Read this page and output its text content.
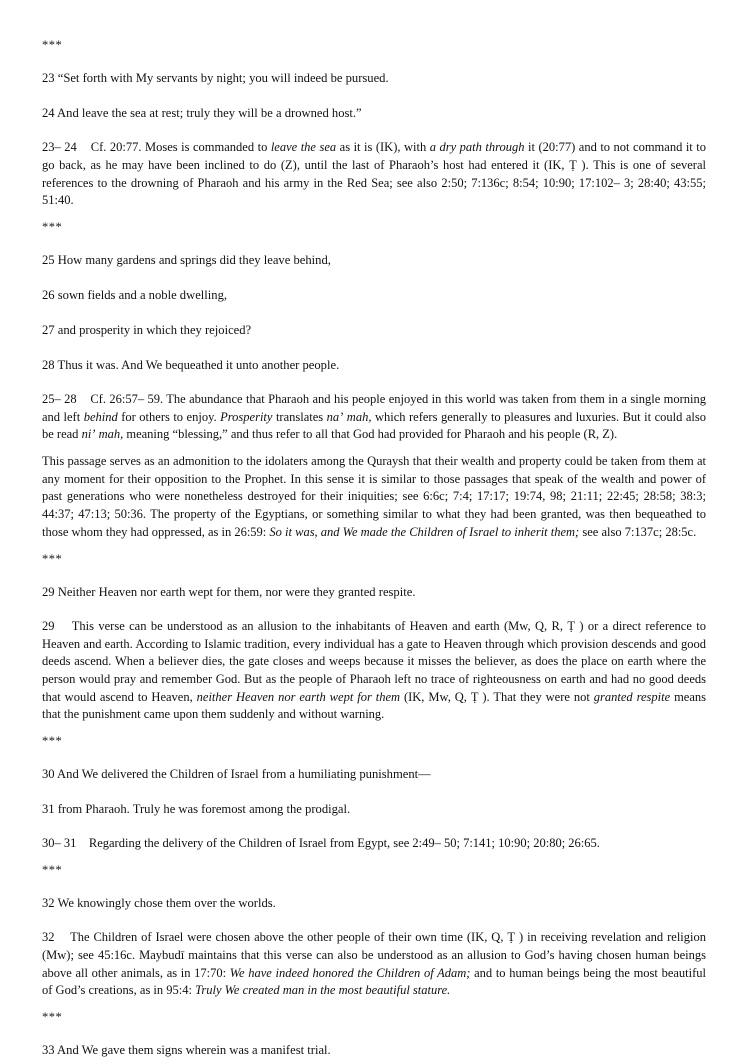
***

23 “Set forth with My servants by night; you will indeed be pursued.

24 And leave the sea at rest; truly they will be a drowned host.”

23– 24    Cf. 20:77. Moses is commanded to leave the sea as it is (IK), with a dry path through it (20:77) and to not command it to go back, as he may have been inclined to do (Z), until the last of Pharaoh’s host had entered it (IK, Ṭ ). This is one of several references to the drowning of Pharaoh and his army in the Red Sea; see also 2:50; 7:136c; 8:54; 10:90; 17:102– 3; 28:40; 43:55; 51:40.

***

25 How many gardens and springs did they leave behind,

26 sown fields and a noble dwelling,

27 and prosperity in which they rejoiced?

28 Thus it was. And We bequeathed it unto another people.

25– 28    Cf. 26:57– 59. The abundance that Pharaoh and his people enjoyed in this world was taken from them in a single morning and left behind for others to enjoy. Prosperity translates naʼ mah, which refers generally to pleasures and luxuries. But it could also be read niʼ mah, meaning “blessing,” and thus refer to all that God had provided for Pharaoh and his people (R, Z).

This passage serves as an admonition to the idolaters among the Quraysh that their wealth and property could be taken from them at any moment for their opposition to the Prophet. In this sense it is similar to those passages that speak of the wealth and power of past generations who were nonetheless destroyed for their iniquities; see 6:6c; 7:4; 17:17; 19:74, 98; 21:11; 22:45; 28:58; 38:3; 44:37; 47:13; 50:36. The property of the Egyptians, or something similar to what they had been granted, was then bequeathed to those whom they had oppressed, as in 26:59: So it was, and We made the Children of Israel to inherit them; see also 7:137c; 28:5c.

***

29 Neither Heaven nor earth wept for them, nor were they granted respite.

29    This verse can be understood as an allusion to the inhabitants of Heaven and earth (Mw, Q, R, Ṭ ) or a direct reference to Heaven and earth. According to Islamic tradition, every individual has a gate to Heaven through which provision descends and good deeds ascend. When a believer dies, the gate closes and weeps because it misses the believer, as does the place on earth where the person would pray and remember God. But as the people of Pharaoh left no trace of righteousness on earth and had no good deeds that would ascend to Heaven, neither Heaven nor earth wept for them (IK, Mw, Q, Ṭ ). That they were not granted respite means that the punishment came upon them suddenly and without warning.

***

30 And We delivered the Children of Israel from a humiliating punishment—

31 from Pharaoh. Truly he was foremost among the prodigal.

30– 31    Regarding the delivery of the Children of Israel from Egypt, see 2:49– 50; 7:141; 10:90; 20:80; 26:65.

***

32 We knowingly chose them over the worlds.

32    The Children of Israel were chosen above the other people of their own time (IK, Q, Ṭ ) in receiving revelation and religion (Mw); see 45:16c. Maybudī maintains that this verse can also be understood as an allusion to God’s having chosen human beings above all other animals, as in 17:70: We have indeed honored the Children of Adam; and to human beings being the most beautiful of God’s creations, as in 95:4: Truly We created man in the most beautiful stature.

***

33 And We gave them signs wherein was a manifest trial.
